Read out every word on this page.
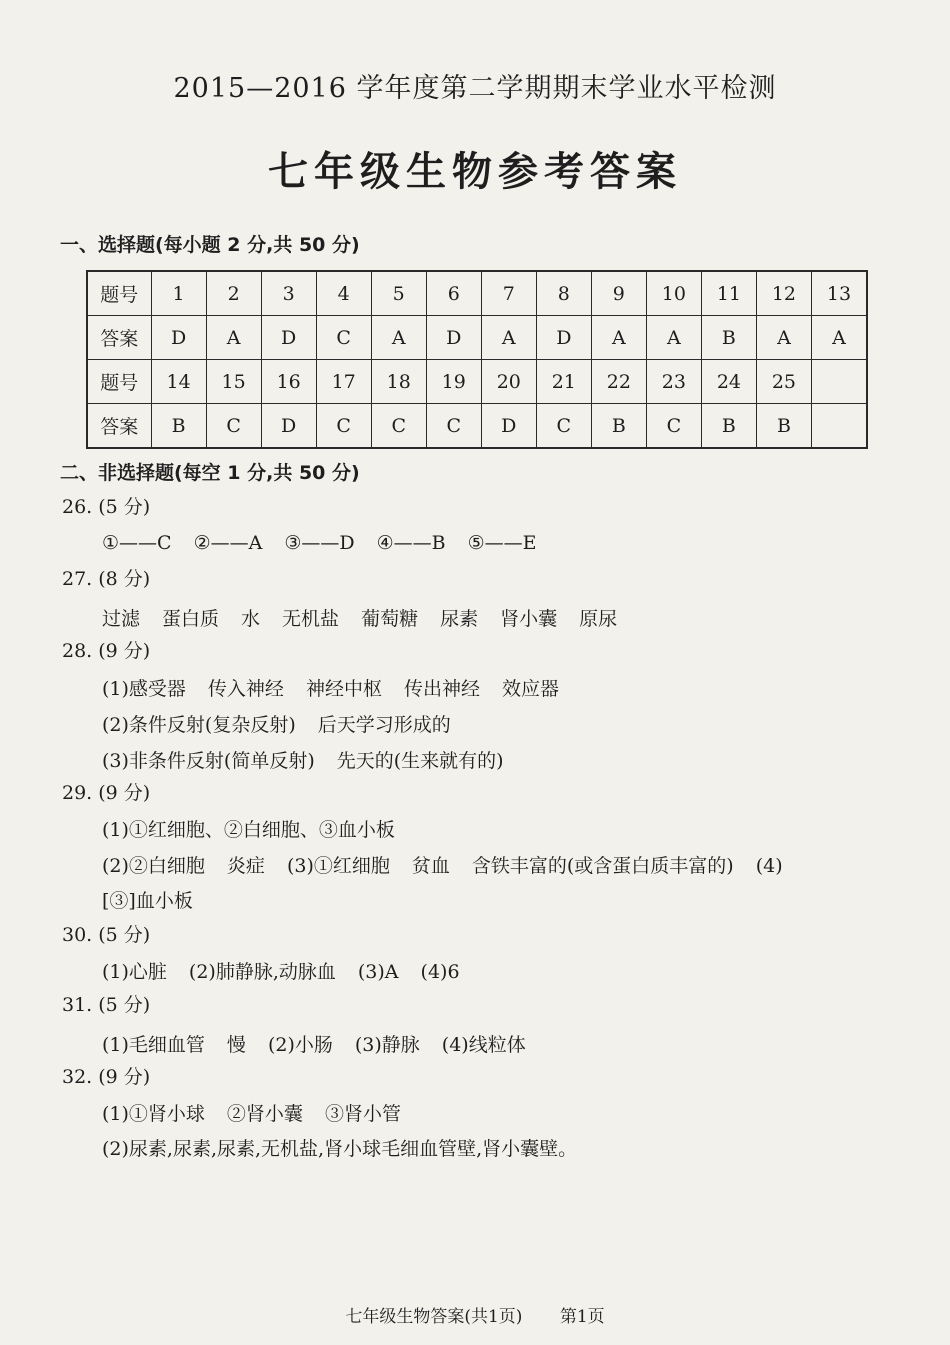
2015—2016 学年度第二学期期末学业水平检测
七年级生物参考答案
一、选择题(每小题 2 分,共 50 分)
题号	1	2	3	4	5	6	7	8	9	10	11	12	13
答案	D	A	D	C	A	D	A	D	A	A	B	A	A
题号	14	15	16	17	18	19	20	21	22	23	24	25	
答案	B	C	D	C	C	C	D	C	B	C	B	B	
二、非选择题(每空 1 分,共 50 分)
26. (5 分)
①——C ②——A ③——D ④——B ⑤——E
27. (8 分)
过滤 蛋白质 水 无机盐 葡萄糖 尿素 肾小囊 原尿
28. (9 分)
(1)感受器 传入神经 神经中枢 传出神经 效应器
(2)条件反射(复杂反射) 后天学习形成的
(3)非条件反射(简单反射) 先天的(生来就有的)
29. (9 分)
(1)①红细胞、②白细胞、③血小板
(2)②白细胞 炎症 (3)①红细胞 贫血 含铁丰富的(或含蛋白质丰富的) (4)
[③]血小板
30. (5 分)
(1)心脏 (2)肺静脉,动脉血 (3)A (4)6
31. (5 分)
(1)毛细血管 慢 (2)小肠 (3)静脉 (4)线粒体
32. (9 分)
(1)①肾小球 ②肾小囊 ③肾小管
(2)尿素,尿素,尿素,无机盐,肾小球毛细血管壁,肾小囊壁。
七年级生物答案(共1页) 第1页
